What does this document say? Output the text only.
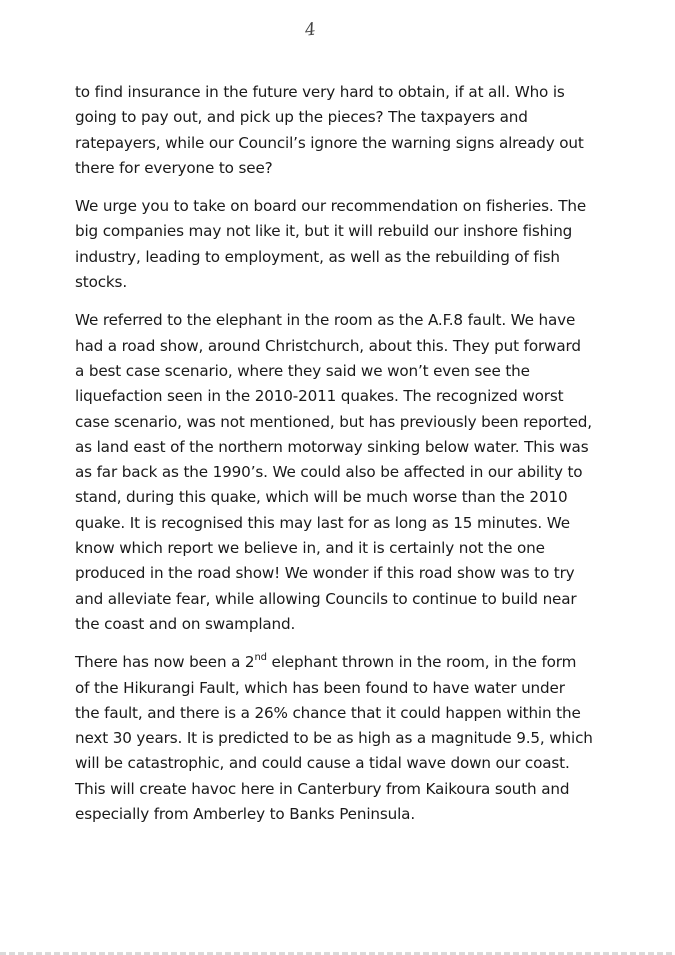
4

to find insurance in the future very hard to obtain, if at all. Who is
going to pay out, and pick up the pieces? The taxpayers and
ratepayers, while our Council’s ignore the warning signs already out
there for everyone to see?

We urge you to take on board our recommendation on fisheries. The
big companies may not like it, but it will rebuild our inshore fishing
industry, leading to employment, as well as the rebuilding of fish
stocks.

We referred to the elephant in the room as the A.F.8 fault. We have
had a road show, around Christchurch, about this. They put forward
a best case scenario, where they said we won’t even see the
liquefaction seen in the 2010-2011 quakes. The recognized worst
case scenario, was not mentioned, but has previously been reported,
as land east of the northern motorway sinking below water. This was
as far back as the 1990’s. We could also be affected in our ability to
stand, during this quake, which will be much worse than the 2010
quake. It is recognised this may last for as long as 15 minutes. We
know which report we believe in, and it is certainly not the one
produced in the road show! We wonder if this road show was to try
and alleviate fear, while allowing Councils to continue to build near
the coast and on swampland.

There has now been a 2nd elephant thrown in the room, in the form
of the Hikurangi Fault, which has been found to have water under
the fault, and there is a 26% chance that it could happen within the
next 30 years. It is predicted to be as high as a magnitude 9.5, which
will be catastrophic, and could cause a tidal wave down our coast.
This will create havoc here in Canterbury from Kaikoura south and
especially from Amberley to Banks Peninsula.
